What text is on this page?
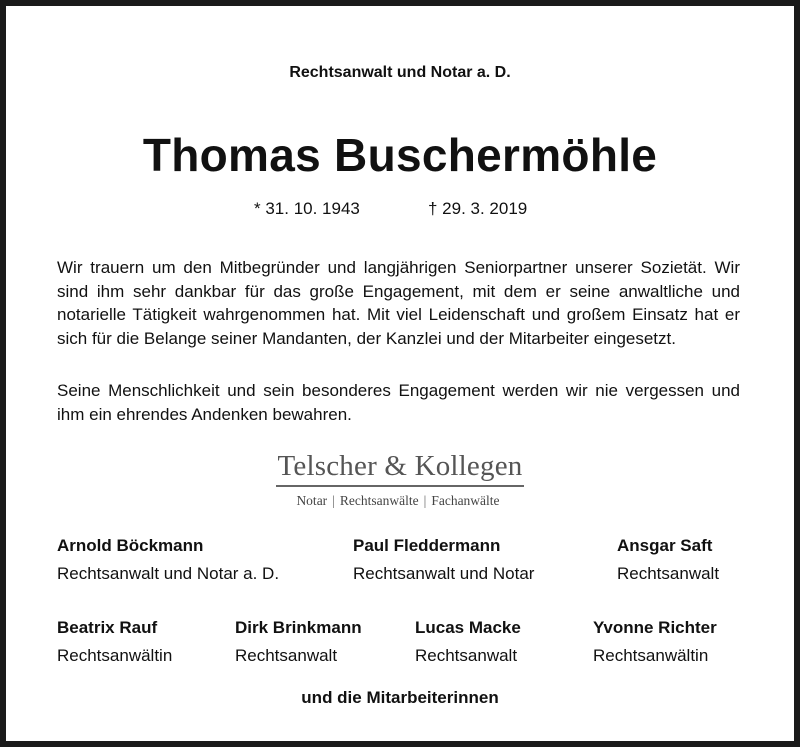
Rechtsanwalt und Notar a. D.
Thomas Buschermöhle
* 31. 10. 1943	† 29. 3. 2019
Wir trauern um den Mitbegründer und langjährigen Seniorpartner unserer Sozietät. Wir sind ihm sehr dankbar für das große Engagement, mit dem er seine anwaltliche und notarielle Tätigkeit wahrgenommen hat. Mit viel Leidenschaft und großem Einsatz hat er sich für die Belange seiner Mandanten, der Kanzlei und der Mitarbeiter eingesetzt.
Seine Menschlichkeit und sein besonderes Engagement werden wir nie vergessen und ihm ein ehrendes Andenken bewahren.
Telscher & Kollegen
Notar | Rechtsanwälte | Fachanwälte
Arnold Böckmann
Rechtsanwalt und Notar a. D.
Paul Fleddermann
Rechtsanwalt und Notar
Ansgar Saft
Rechtsanwalt
Beatrix Rauf
Rechtsanwältin
Dirk Brinkmann
Rechtsanwalt
Lucas Macke
Rechtsanwalt
Yvonne Richter
Rechtsanwältin
und die Mitarbeiterinnen
